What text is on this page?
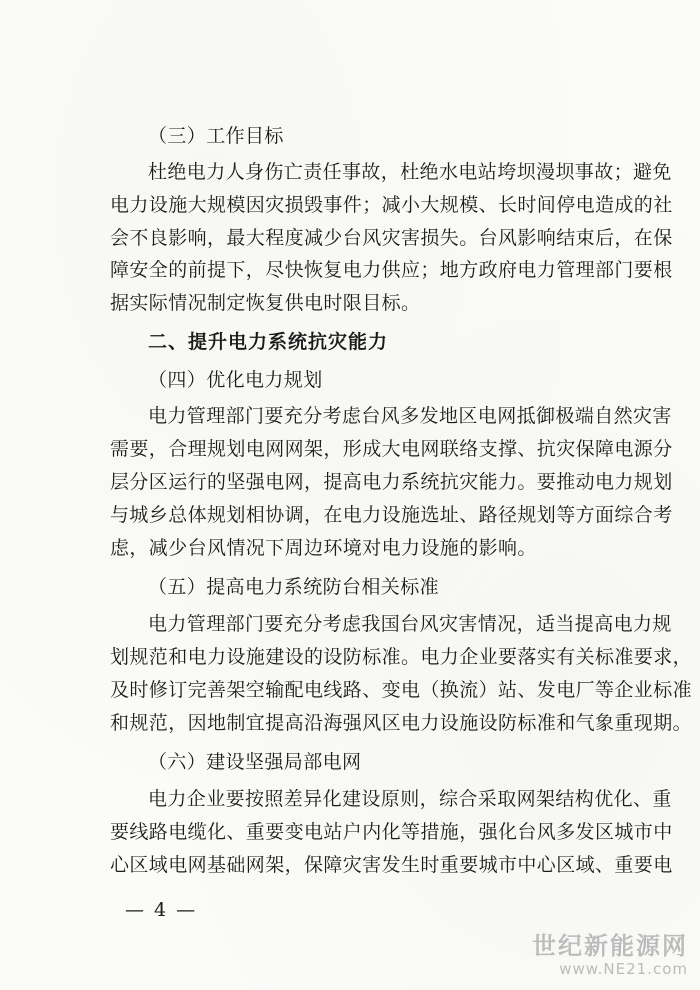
（三）工作目标
杜绝电力人身伤亡责任事故，杜绝水电站垮坝漫坝事故；避免
电力设施大规模因灾损毁事件；减小大规模、长时间停电造成的社
会不良影响，最大程度减少台风灾害损失。台风影响结束后，在保
障安全的前提下，尽快恢复电力供应；地方政府电力管理部门要根
据实际情况制定恢复供电时限目标。
二、提升电力系统抗灾能力
（四）优化电力规划
电力管理部门要充分考虑台风多发地区电网抵御极端自然灾害
需要，合理规划电网网架，形成大电网联络支撑、抗灾保障电源分
层分区运行的坚强电网，提高电力系统抗灾能力。要推动电力规划
与城乡总体规划相协调，在电力设施选址、路径规划等方面综合考
虑，减少台风情况下周边环境对电力设施的影响。
（五）提高电力系统防台相关标准
电力管理部门要充分考虑我国台风灾害情况，适当提高电力规
划规范和电力设施建设的设防标准。电力企业要落实有关标准要求，
及时修订完善架空输配电线路、变电（换流）站、发电厂等企业标准
和规范，因地制宜提高沿海强风区电力设施设防标准和气象重现期。
（六）建设坚强局部电网
电力企业要按照差异化建设原则，综合采取网架结构优化、重
要线路电缆化、重要变电站户内化等措施，强化台风多发区城市中
心区域电网基础网架，保障灾害发生时重要城市中心区域、重要电
— 4 —
世纪新能源网
www.NE21.com
